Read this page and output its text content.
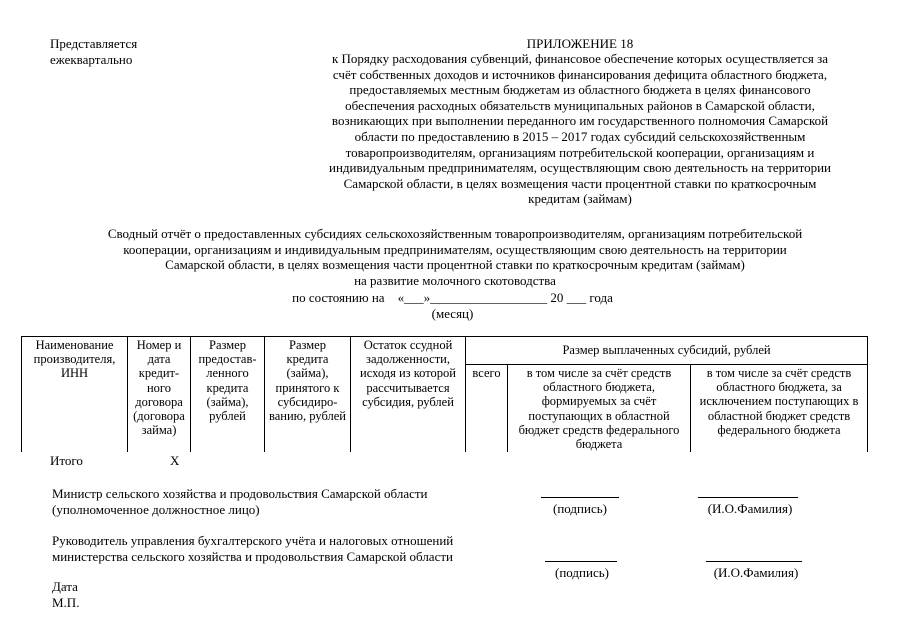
Представляется ежеквартально
ПРИЛОЖЕНИЕ 18
к Порядку расходования субвенций, финансовое обеспечение которых осуществляется за
счёт собственных доходов и источников финансирования дефицита областного бюджета,
предоставляемых местным бюджетам из областного бюджета в целях финансового
обеспечения расходных обязательств муниципальных районов в Самарской области,
возникающих при выполнении переданного им государственного полномочия Самарской
области по предоставлению в 2015 – 2017 годах субсидий сельскохозяйственным
товаропроизводителям, организациям потребительской кооперации, организациям и
индивидуальным предпринимателям, осуществляющим свою деятельность на территории
Самарской области, в целях возмещения части процентной ставки по краткосрочным
кредитам (займам)
Сводный отчёт о предоставленных субсидиях сельскохозяйственным товаропроизводителям, организациям потребительской
кооперации, организациям и индивидуальным предпринимателям, осуществляющим свою деятельность на территории
Самарской области, в целях возмещения части процентной ставки по краткосрочным кредитам (займам)
на развитие молочного скотоводства
по состоянию на    «___»__________________ 20 ___ года
(месяц)
Наименование производителя, ИНН	Номер и дата кредит-ного договора (договора займа)	Размер предостав-ленного кредита (займа), рублей	Размер кредита (займа), принятого к субсидиро-ванию, рублей	Остаток ссудной задолженности, исходя из которой рассчитывается субсидия, рублей	Размер выплаченных субсидий, рублей		
					всего	в том числе за счёт средств областного бюджета, формируемых за счёт поступающих в областной бюджет средств федерального бюджета	в том числе за счёт средств областного бюджета, за исключением поступающих в областной бюджет средств федерального бюджета
Итого	Х
Министр сельского хозяйства и продовольствия Самарской области
(уполномоченное должностное лицо)	(подпись)	(И.О.Фамилия)
Руководитель управления бухгалтерского учёта и налоговых отношений
министерства сельского хозяйства и продовольствия Самарской области
(подпись)	(И.О.Фамилия)
Дата
М.П.
